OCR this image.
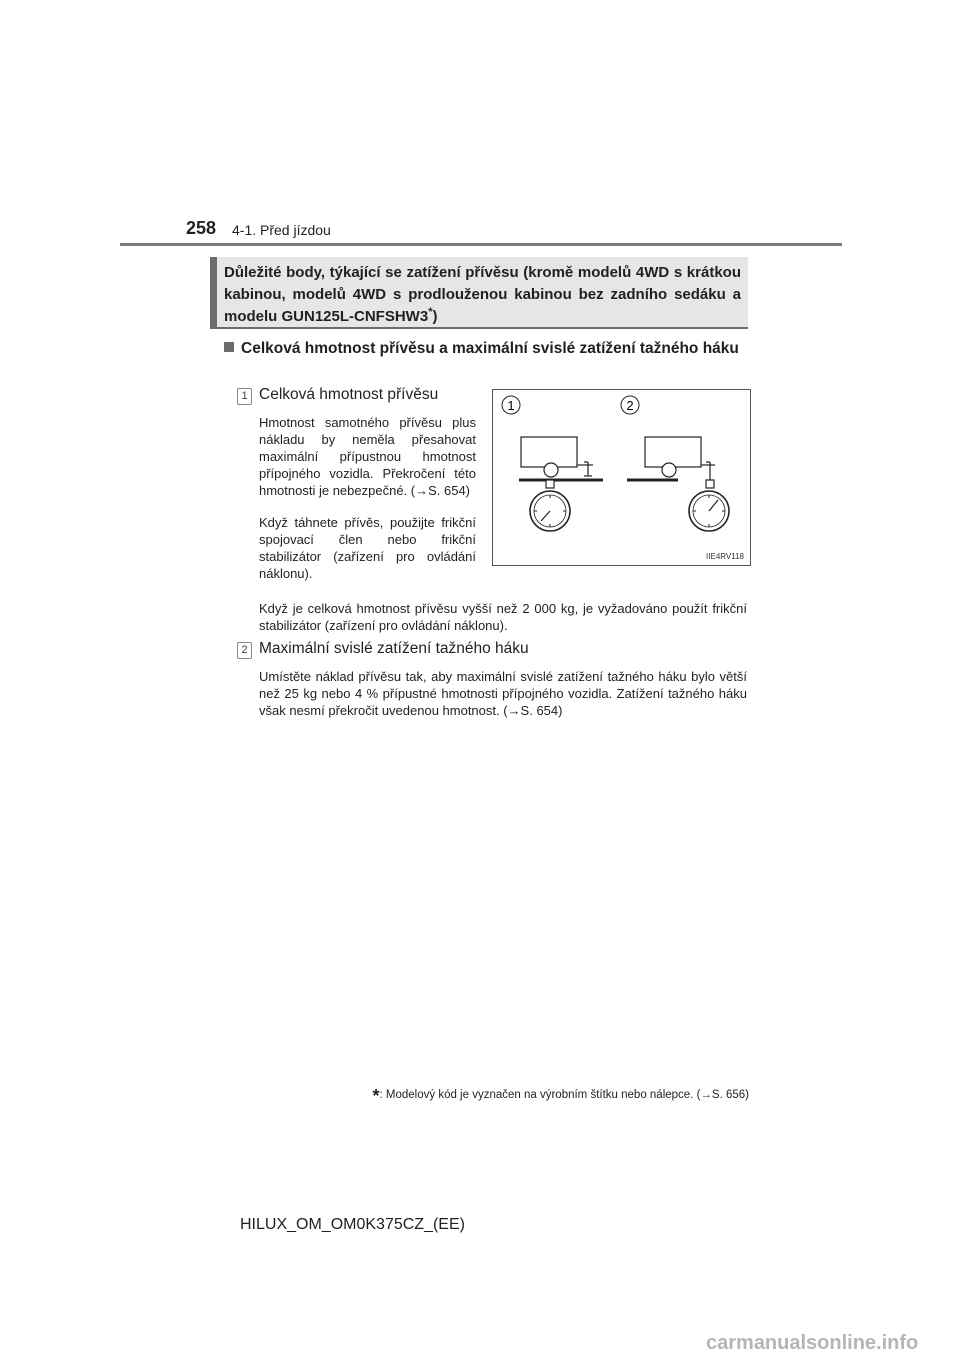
258 4-1. Před jízdou
Důležité body, týkající se zatížení přívěsu (kromě modelů 4WD s krátkou kabinou, modelů 4WD s prodlouženou kabinou bez zadního sedáku a modelu GUN125L-CNFSHW3*)
Celková hmotnost přívěsu a maximální svislé zatížení tažného háku
1 Celková hmotnost přívěsu
Hmotnost samotného přívěsu plus nákladu by neměla přesahovat maximální přípustnou hmotnost přípojného vozidla. Překročení této hmotnosti je nebezpečné. (→S. 654)
Když táhnete přívěs, použijte frikční spojovací člen nebo frikční stabilizátor (zařízení pro ovládání náklonu).
Když je celková hmotnost přívěsu vyšší než 2 000 kg, je vyžadováno použít frikční stabilizátor (zařízení pro ovládání náklonu).
2 Maximální svislé zatížení tažného háku
Umístěte náklad přívěsu tak, aby maximální svislé zatížení tažného háku bylo větší než 25 kg nebo 4 % přípustné hmotnosti přípojného vozidla. Zatížení tažného háku však nesmí překročit uvedenou hmotnost. (→S. 654)
1	2
IIE4RV118
*: Modelový kód je vyznačen na výrobním štítku nebo nálepce. (→S. 656)
HILUX_OM_OM0K375CZ_(EE)
carmanualsonline.info
